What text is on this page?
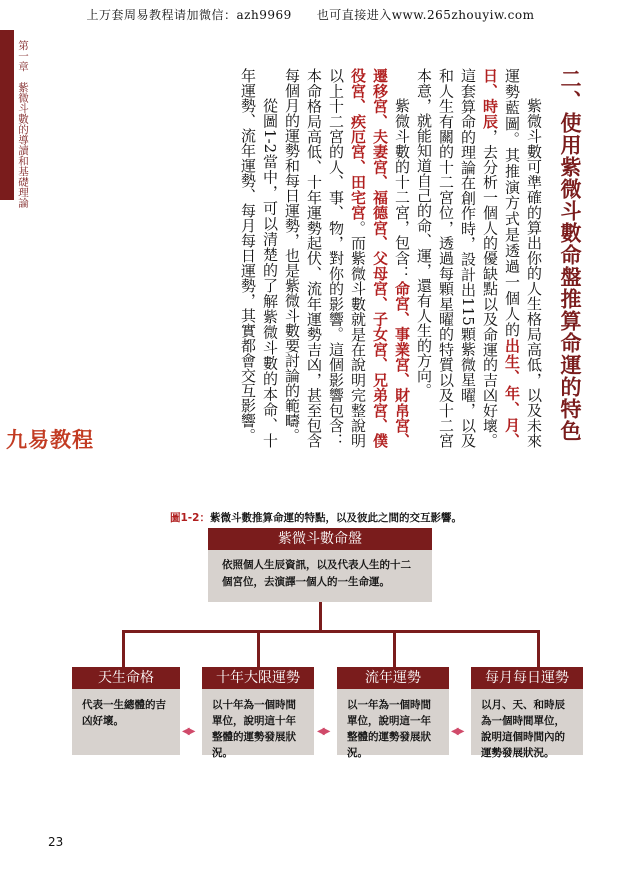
上万套周易教程请加微信：azh9969　　也可直接进入www.265zhouyiw.com
第一章　紫微斗數的導讀和基礎理論	二、使用紫微斗數命盤推算命運的特色

紫微斗數可準確的算出你的人生格局高低，以及未來運勢藍圖。其推演方式是透過一個人的出生、年、月、日、時辰，去分析一個人的優缺點以及命運的吉凶好壞。這套算命的理論在創作時，設計出115顆紫微星曜，以及和人生有關的十二宮位，透過每顆星曜的特質以及十二宮本意，就能知道自己的命、運，還有人生的方向。

紫微斗數的十二宮，包含：命宮、事業宮、財帛宮、遷移宮、夫妻宮、福德宮、父母宮、子女宮、兄弟宮、僕役宮、疾厄宮、田宅宮。而紫微斗數就是在說明完整說明以上十二宮的人、事、物，對你的影響。這個影響包含：本命格局高低、十年運勢起伏、流年運勢吉凶，甚至包含每個月的運勢和每日運勢，也是紫微斗數要討論的範疇。

從圖1-2當中，可以清楚的了解紫微斗數的本命、十年運勢、流年運勢、每月每日運勢，其實都會交互影響。

九易教程
圖1-2：紫微斗數推算命運的特點，以及彼此之間的交互影響。
紫微斗數命盤
依照個人生辰資訊，以及代表人生的十二個宮位，去演譯一個人的一生命運。
天生命格
代表一生總體的吉凶好壞。
十年大限運勢
以十年為一個時間單位，說明這十年整體的運勢發展狀況。
流年運勢
以一年為一個時間單位，說明這一年整體的運勢發展狀況。
每月每日運勢
以月、天、和時辰為一個時間單位，說明這個時間內的運勢發展狀況。
◀▶	◀▶	◀▶
23
